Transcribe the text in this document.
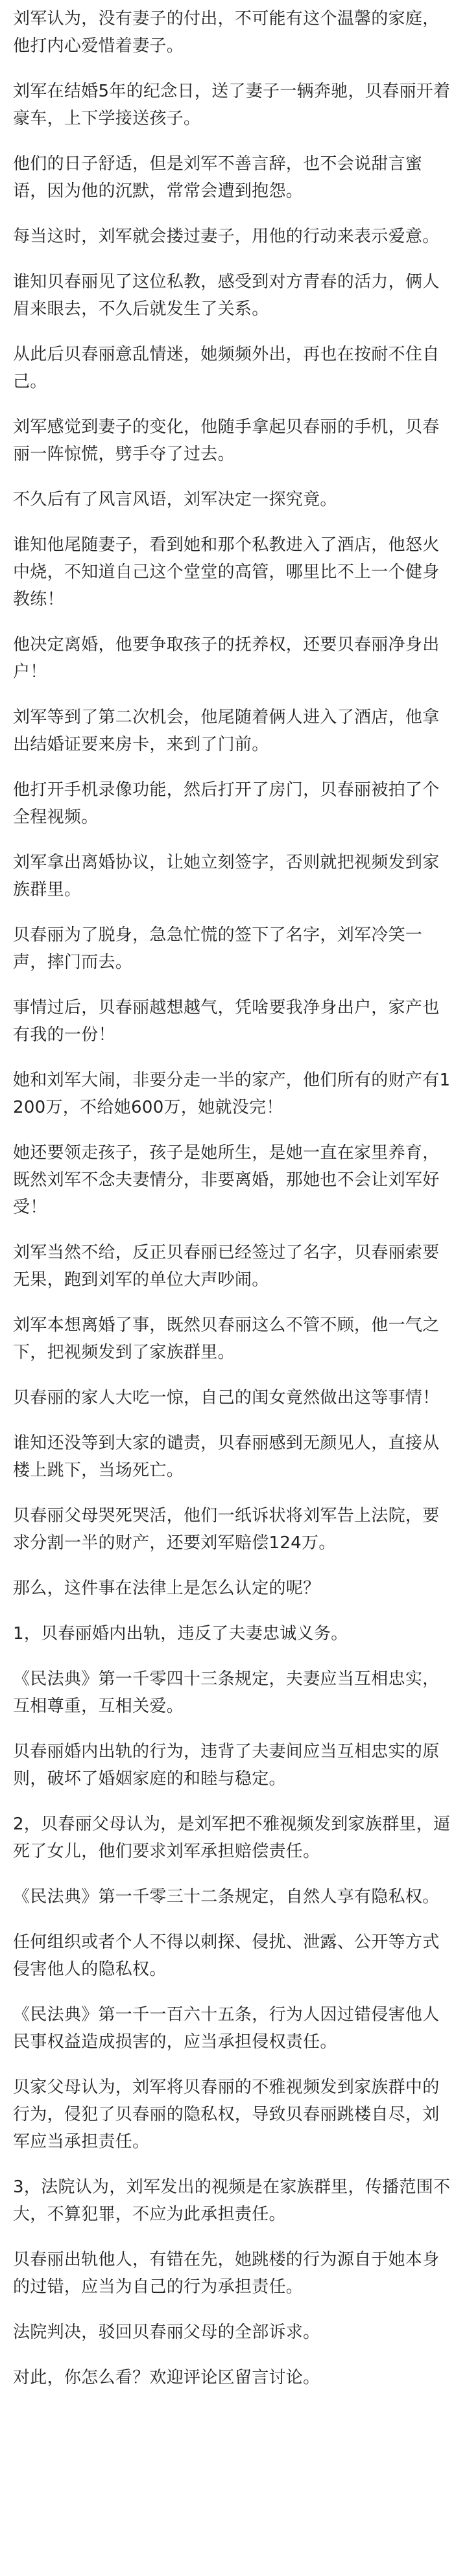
刘军认为，没有妻子的付出，不可能有这个温馨的家庭，他打内心爱惜着妻子。

刘军在结婚5年的纪念日，送了妻子一辆奔驰，贝春丽开着豪车，上下学接送孩子。

他们的日子舒适，但是刘军不善言辞，也不会说甜言蜜语，因为他的沉默，常常会遭到抱怨。

每当这时，刘军就会搂过妻子，用他的行动来表示爱意。

谁知贝春丽见了这位私教，感受到对方青春的活力，俩人眉来眼去，不久后就发生了关系。

从此后贝春丽意乱情迷，她频频外出，再也在按耐不住自己。

刘军感觉到妻子的变化，他随手拿起贝春丽的手机，贝春丽一阵惊慌，劈手夺了过去。

不久后有了风言风语，刘军决定一探究竟。

谁知他尾随妻子，看到她和那个私教进入了酒店，他怒火中烧，不知道自己这个堂堂的高管，哪里比不上一个健身教练！

他决定离婚，他要争取孩子的抚养权，还要贝春丽净身出户！

刘军等到了第二次机会，他尾随着俩人进入了酒店，他拿出结婚证要来房卡，来到了门前。

他打开手机录像功能，然后打开了房门，贝春丽被拍了个全程视频。

刘军拿出离婚协议，让她立刻签字，否则就把视频发到家族群里。

贝春丽为了脱身，急急忙慌的签下了名字，刘军冷笑一声，摔门而去。

事情过后，贝春丽越想越气，凭啥要我净身出户，家产也有我的一份！

她和刘军大闹，非要分走一半的家产，他们所有的财产有1200万，不给她600万，她就没完！

她还要领走孩子，孩子是她所生，是她一直在家里养育，既然刘军不念夫妻情分，非要离婚，那她也不会让刘军好受！

刘军当然不给，反正贝春丽已经签过了名字，贝春丽索要无果，跑到刘军的单位大声吵闹。

刘军本想离婚了事，既然贝春丽这么不管不顾，他一气之下，把视频发到了家族群里。

贝春丽的家人大吃一惊，自己的闺女竟然做出这等事情！

谁知还没等到大家的谴责，贝春丽感到无颜见人，直接从楼上跳下，当场死亡。

贝春丽父母哭死哭活，他们一纸诉状将刘军告上法院，要求分割一半的财产，还要刘军赔偿124万。

那么，这件事在法律上是怎么认定的呢？

1，贝春丽婚内出轨，违反了夫妻忠诚义务。

《民法典》第一千零四十三条规定，夫妻应当互相忠实，互相尊重，互相关爱。

贝春丽婚内出轨的行为，违背了夫妻间应当互相忠实的原则，破坏了婚姻家庭的和睦与稳定。

2，贝春丽父母认为，是刘军把不雅视频发到家族群里，逼死了女儿，他们要求刘军承担赔偿责任。

《民法典》第一千零三十二条规定，自然人享有隐私权。

任何组织或者个人不得以刺探、侵扰、泄露、公开等方式侵害他人的隐私权。

《民法典》第一千一百六十五条，行为人因过错侵害他人民事权益造成损害的，应当承担侵权责任。

贝家父母认为，刘军将贝春丽的不雅视频发到家族群中的行为，侵犯了贝春丽的隐私权，导致贝春丽跳楼自尽，刘军应当承担责任。

3，法院认为，刘军发出的视频是在家族群里，传播范围不大，不算犯罪，不应为此承担责任。

贝春丽出轨他人，有错在先，她跳楼的行为源自于她本身的过错，应当为自己的行为承担责任。

法院判决，驳回贝春丽父母的全部诉求。

对此，你怎么看？欢迎评论区留言讨论。
